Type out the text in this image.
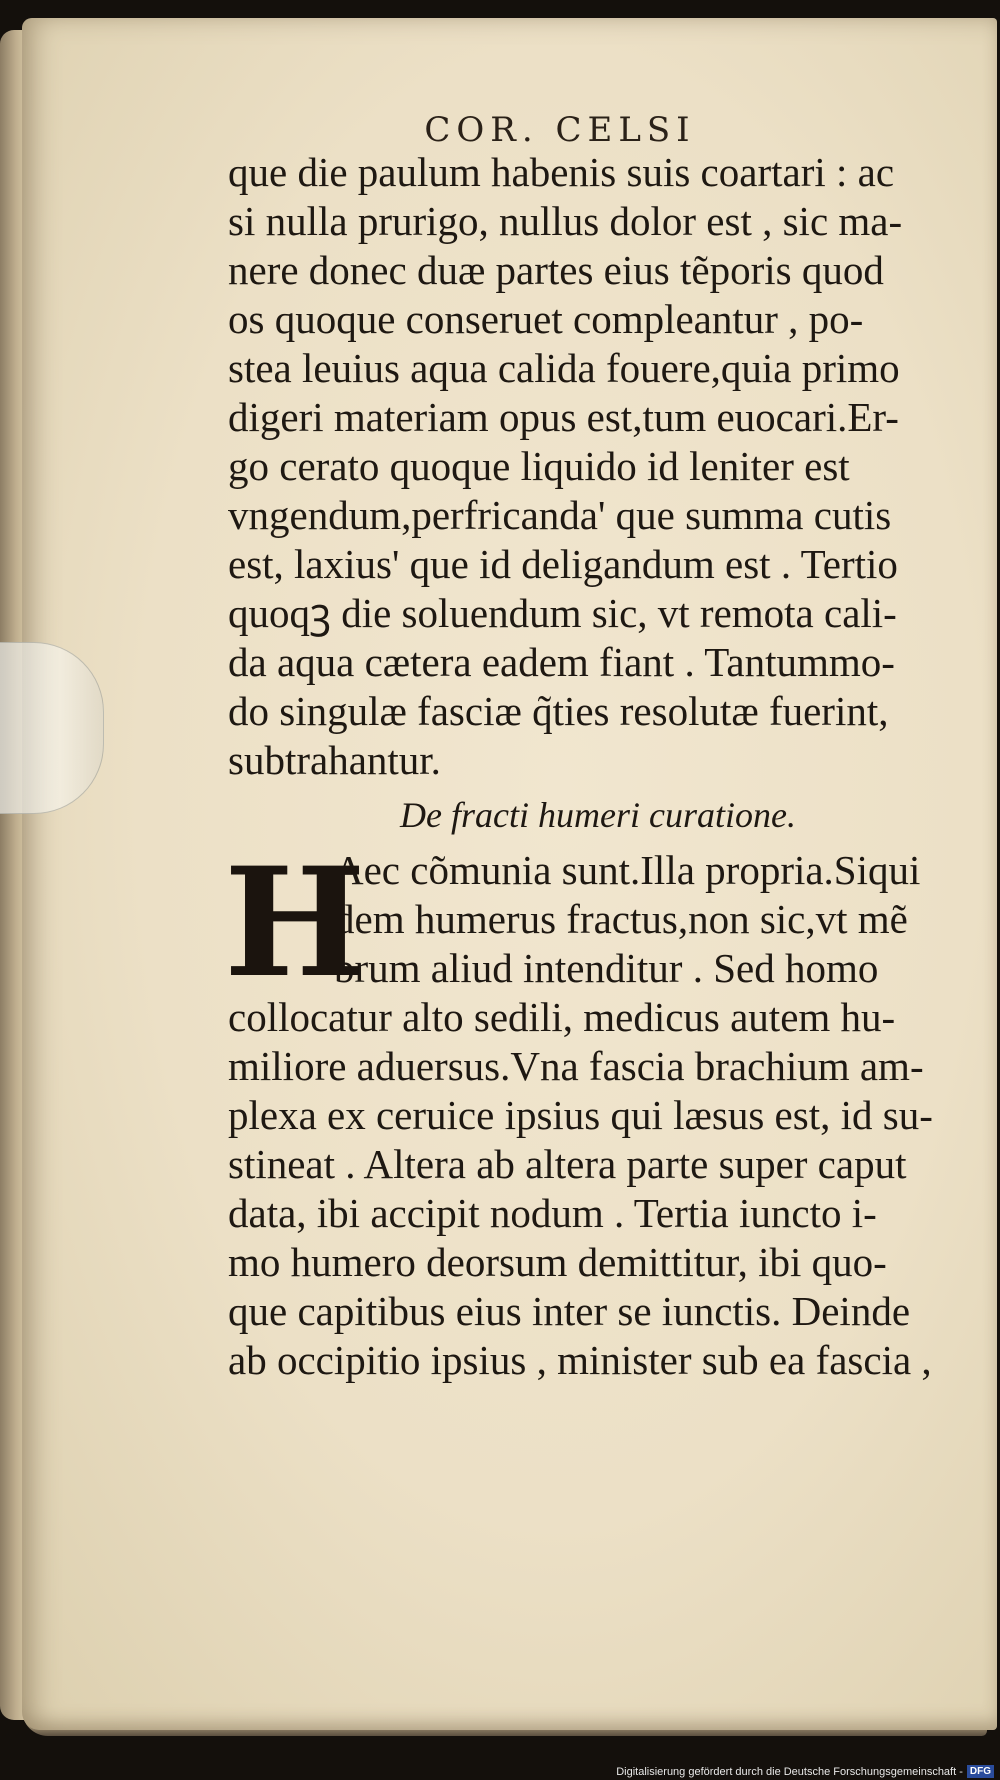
COR. CELSI
que die paulum habenis suis coartari : ac
si nulla prurigo, nullus dolor est , sic ma-
nere donec duæ partes eius tẽporis quod
os quoque conseruet compleantur , po-
stea leuius aqua calida fouere,quia primo
digeri materiam opus est,tum euocari.Er-
go cerato quoque liquido id leniter est
vngendum,perfricanda' que summa cutis
est, laxius' que id deligandum est . Tertio
quoqꝫ die soluendum sic, vt remota cali-
da aqua cætera eadem fiant . Tantummo-
do singulæ fasciæ q̃ties resolutæ fuerint,
subtrahantur.
De fracti humeri curatione.
H
Aec cõmunia sunt.Illa propria.Siqui
dem humerus fractus,non sic,vt mẽ
brum aliud intenditur . Sed homo
collocatur alto sedili, medicus autem hu-
miliore aduersus.Vna fascia brachium am-
plexa ex ceruice ipsius qui læsus est, id su-
stineat . Altera ab altera parte super caput
data, ibi accipit nodum . Tertia iuncto i-
mo humero deorsum demittitur, ibi quo-
que capitibus eius inter se iunctis. Deinde
ab occipitio ipsius , minister sub ea fascia ,
Digitalisierung gefördert durch die Deutsche Forschungsgemeinschaft - DFG
